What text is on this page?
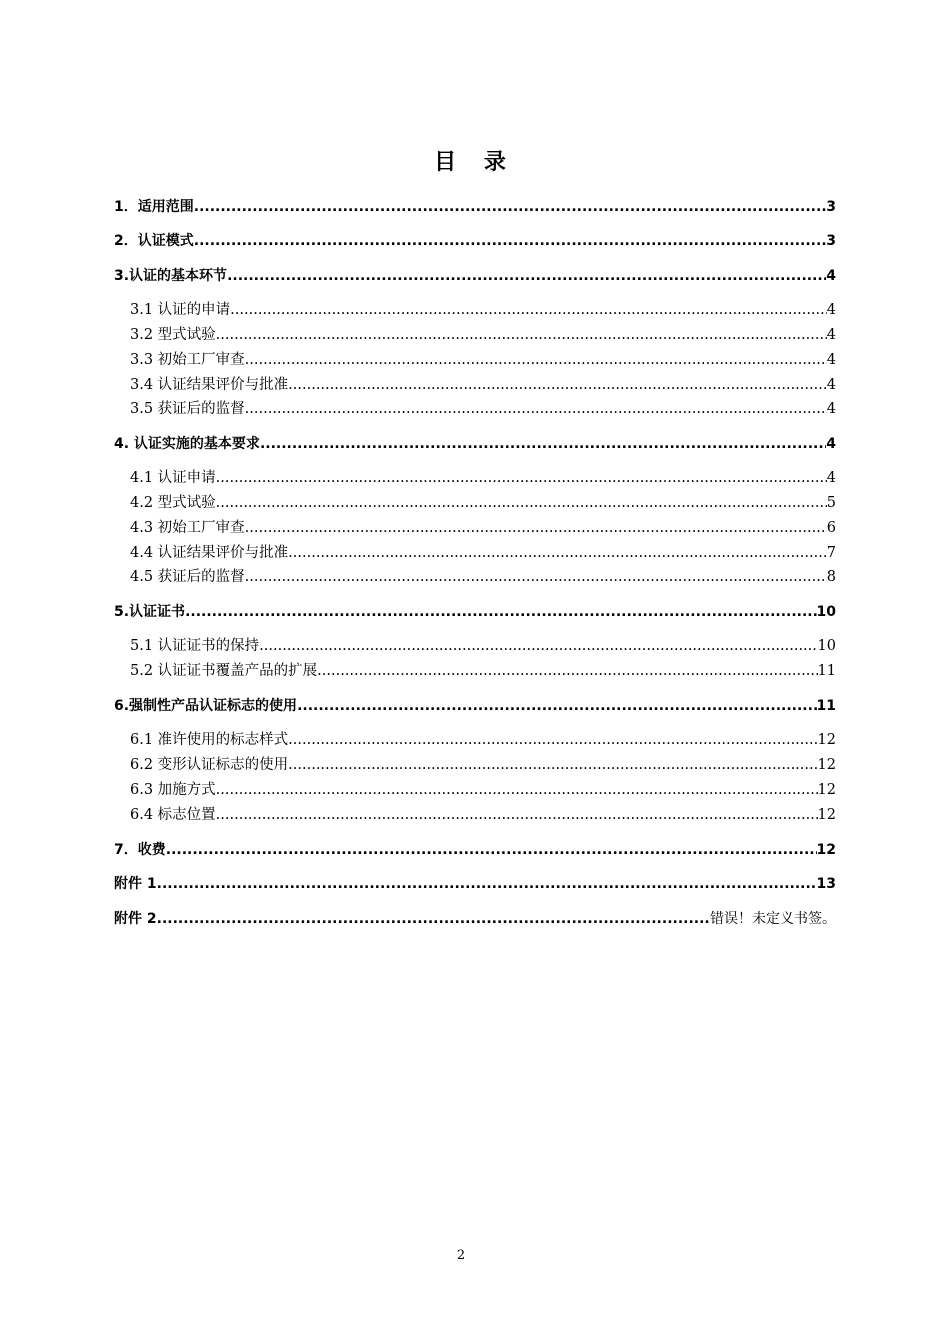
目 录
1．适用范围 .....	3
2．认证模式 .....	3
3.认证的基本环节 .....	4
3.1 认证的申请 .....	4
3.2 型式试验 .....	4
3.3 初始工厂审查 .....	4
3.4 认证结果评价与批准 .....	4
3.5 获证后的监督 .....	4
4. 认证实施的基本要求 .....	4
4.1 认证申请 .....	4
4.2 型式试验 .....	5
4.3 初始工厂审查 .....	6
4.4 认证结果评价与批准 .....	7
4.5 获证后的监督 .....	8
5.认证证书 .....	10
5.1 认证证书的保持 .....	10
5.2 认证证书覆盖产品的扩展 .....	11
6.强制性产品认证标志的使用 .....	11
6.1 准许使用的标志样式 .....	12
6.2 变形认证标志的使用 .....	12
6.3 加施方式 .....	12
6.4 标志位置 .....	12
7．收费 .....	12
附件 1 .....	13
附件 2 .....	错误！未定义书签。
2
